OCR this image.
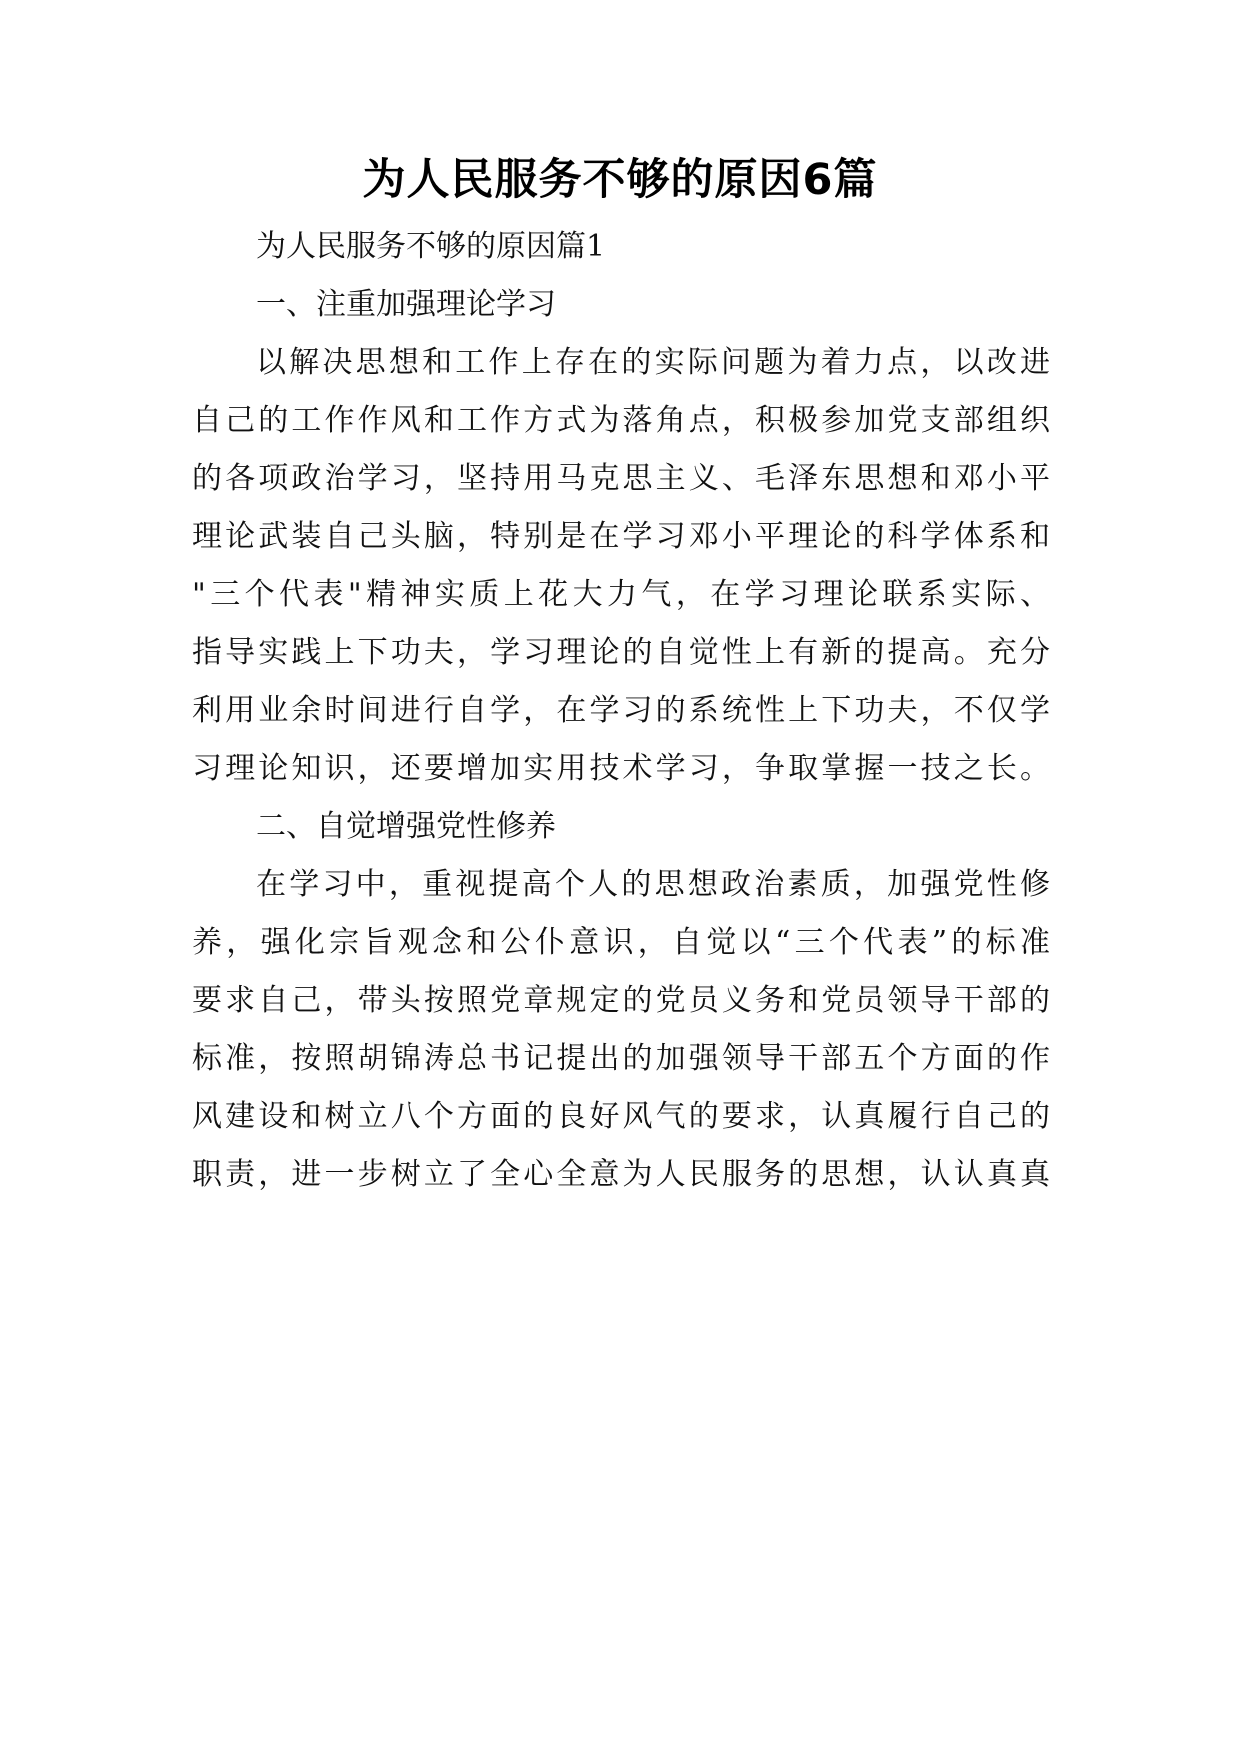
为人民服务不够的原因6篇
为人民服务不够的原因篇1
一、注重加强理论学习
以解决思想和工作上存在的实际问题为着力点，以改进
自己的工作作风和工作方式为落角点，积极参加党支部组织
的各项政治学习，坚持用马克思主义、毛泽东思想和邓小平
理论武装自己头脑，特别是在学习邓小平理论的科学体系和
"三个代表"精神实质上花大力气，在学习理论联系实际、
指导实践上下功夫，学习理论的自觉性上有新的提高。充分
利用业余时间进行自学，在学习的系统性上下功夫，不仅学
习理论知识，还要增加实用技术学习，争取掌握一技之长。
二、自觉增强党性修养
在学习中，重视提高个人的思想政治素质，加强党性修
养，强化宗旨观念和公仆意识，自觉以“三个代表”的标准
要求自己，带头按照党章规定的党员义务和党员领导干部的
标准，按照胡锦涛总书记提出的加强领导干部五个方面的作
风建设和树立八个方面的良好风气的要求，认真履行自己的
职责，进一步树立了全心全意为人民服务的思想，认认真真
